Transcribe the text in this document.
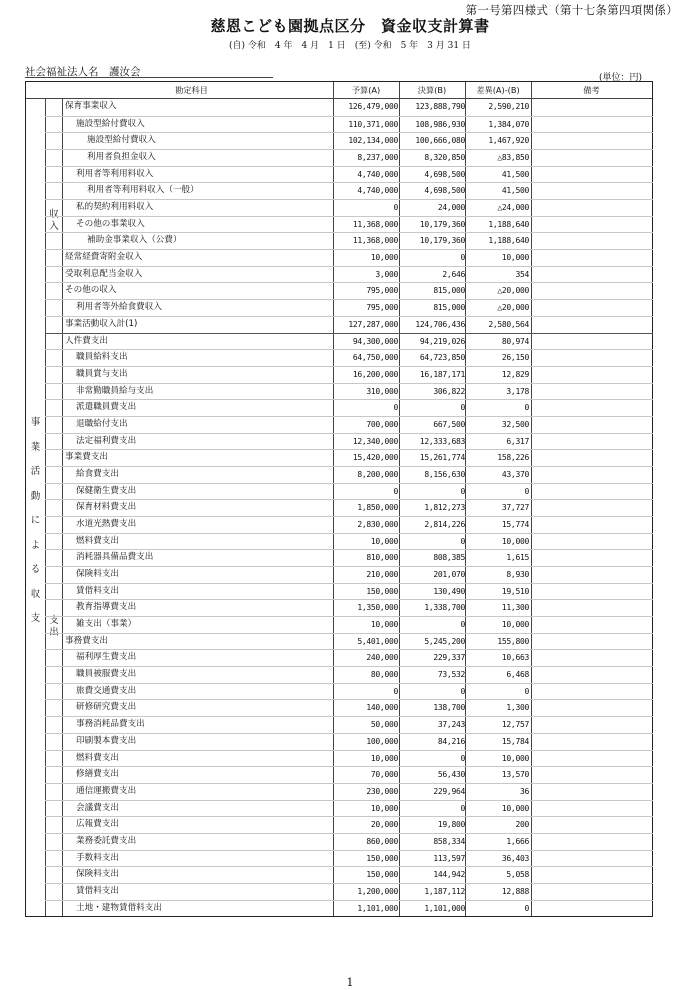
第一号第四様式（第十七条第四項関係）
慈恩こども園拠点区分　資金収支計算書
(自) 令和　4 年　4 月　1 日　(至) 令和　5 年　3 月 31 日
社会福祉法人名　護汝会	(単位：円)
勘定科目	予算(A)	決算(B)	差異(A)-(B)	備考
事
業
活
動
に
よ
る
収
支
収
入
支
出
保育事業収入	126,479,000	123,888,790	2,590,210
施設型給付費収入	110,371,000	108,986,930	1,384,070
施設型給付費収入	102,134,000	100,666,080	1,467,920
利用者負担金収入	8,237,000	8,320,850	△83,850
利用者等利用料収入	4,740,000	4,698,500	41,500
利用者等利用料収入（一般）	4,740,000	4,698,500	41,500
私的契約利用料収入	0	24,000	△24,000
その他の事業収入	11,368,000	10,179,360	1,188,640
補助金事業収入（公費）	11,368,000	10,179,360	1,188,640
経常経費寄附金収入	10,000	0	10,000
受取利息配当金収入	3,000	2,646	354
その他の収入	795,000	815,000	△20,000
利用者等外給食費収入	795,000	815,000	△20,000
事業活動収入計(1)	127,287,000	124,706,436	2,580,564
人件費支出	94,300,000	94,219,026	80,974
職員給料支出	64,750,000	64,723,850	26,150
職員賞与支出	16,200,000	16,187,171	12,829
非常勤職員給与支出	310,000	306,822	3,178
派遣職員費支出	0	0	0
退職給付支出	700,000	667,500	32,500
法定福利費支出	12,340,000	12,333,683	6,317
事業費支出	15,420,000	15,261,774	158,226
給食費支出	8,200,000	8,156,630	43,370
保健衛生費支出	0	0	0
保育材料費支出	1,850,000	1,812,273	37,727
水道光熱費支出	2,830,000	2,814,226	15,774
燃料費支出	10,000	0	10,000
消耗器具備品費支出	810,000	808,385	1,615
保険料支出	210,000	201,070	8,930
賃借料支出	150,000	130,490	19,510
教育指導費支出	1,350,000	1,338,700	11,300
雑支出（事業）	10,000	0	10,000
事務費支出	5,401,000	5,245,200	155,800
福利厚生費支出	240,000	229,337	10,663
職員被服費支出	80,000	73,532	6,468
旅費交通費支出	0	0	0
研修研究費支出	140,000	138,700	1,300
事務消耗品費支出	50,000	37,243	12,757
印刷製本費支出	100,000	84,216	15,784
燃料費支出	10,000	0	10,000
修繕費支出	70,000	56,430	13,570
通信運搬費支出	230,000	229,964	36
会議費支出	10,000	0	10,000
広報費支出	20,000	19,800	200
業務委託費支出	860,000	858,334	1,666
手数料支出	150,000	113,597	36,403
保険料支出	150,000	144,942	5,058
賃借料支出	1,200,000	1,187,112	12,888
土地・建物賃借料支出	1,101,000	1,101,000	0
1
